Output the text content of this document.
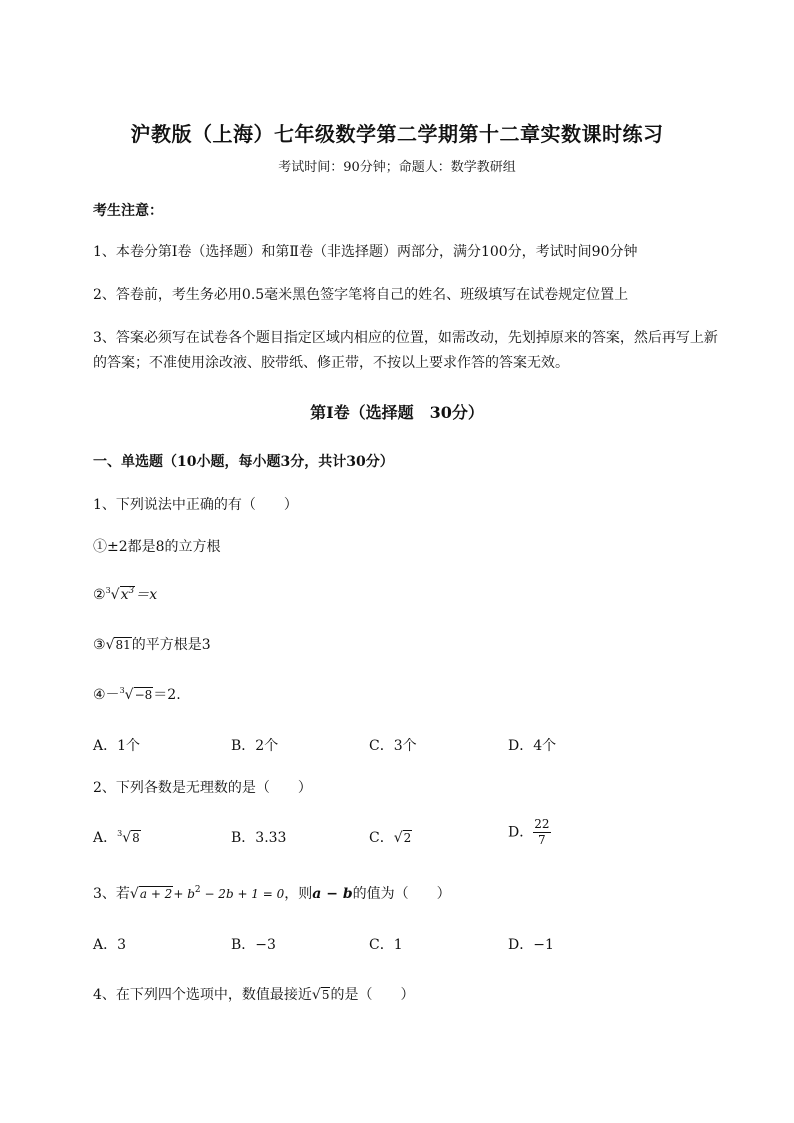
沪教版（上海）七年级数学第二学期第十二章实数课时练习
考试时间：90分钟；命题人：数学教研组
考生注意：
1、本卷分第I卷（选择题）和第Ⅱ卷（非选择题）两部分，满分100分，考试时间90分钟
2、答卷前，考生务必用0.5毫米黑色签字笔将自己的姓名、班级填写在试卷规定位置上
3、答案必须写在试卷各个题目指定区域内相应的位置，如需改动，先划掉原来的答案，然后再写上新
的答案；不准使用涂改液、胶带纸、修正带，不按以上要求作答的答案无效。
第I卷（选择题　30分）
一、单选题（10小题，每小题3分，共计30分）
1、下列说法中正确的有（　　）
①±2都是8的立方根
$②^3√x^3=x$
③√81的平方根是3
④－$^3$√−8＝2.
A．1个	B．2个	C．3个	D．4个
2、下列各数是无理数的是（　　）
A．$^3$√8	B．3.33	C．√2	D． $\frac{22}{7}$
3、若$√a + 2+ b^2 - 2b + 1 = 0$，则a − b的值为（　　）
A．3	B．−3	C．1	D．−1
4、在下列四个选项中，数值最接近√5的是（　　）
